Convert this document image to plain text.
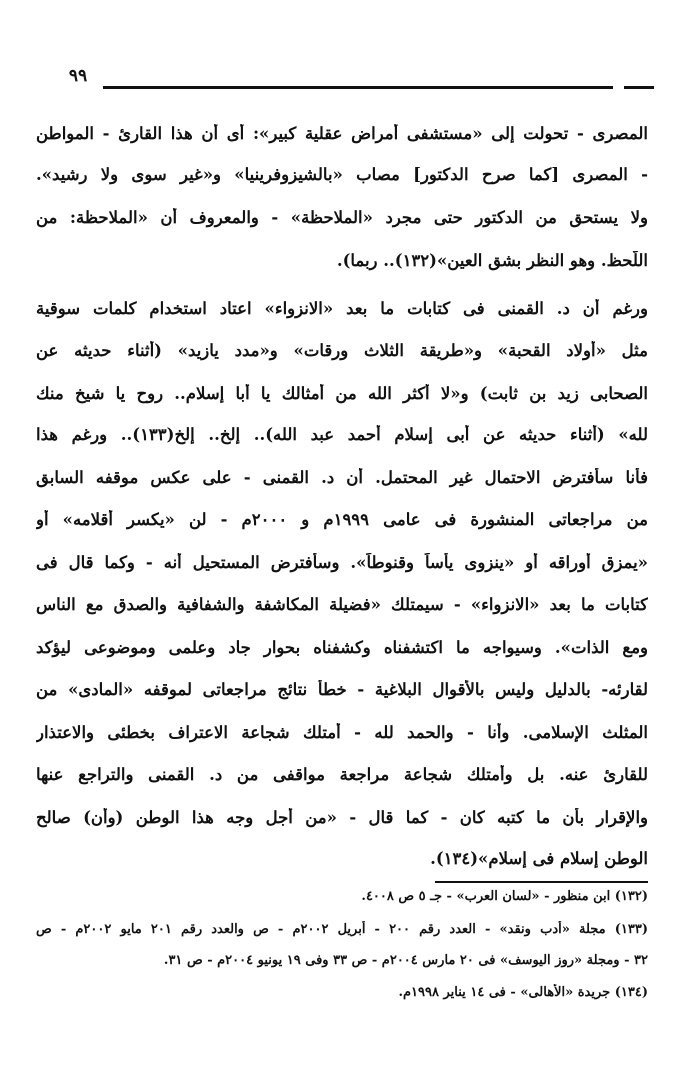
٩٩
المصرى - تحولت إلى «مستشفى أمراض عقلية كبير»: أى أن هذا القارئ - المواطن
- المصرى [كما صرح الدكتور] مصاب «بالشيزوفرينيا» و«غير سوى ولا رشيد».
ولا يستحق من الدكتور حتى مجرد «الملاحظة» - والمعروف أن «الملاحظة: من
اللّحظ. وهو النظر بشق العين»(١٣٢).. ربما).
ورغم أن د. القمنى فى كتابات ما بعد «الانزواء» اعتاد استخدام كلمات سوقية
مثل «أولاد القحبة» و«طريقة الثلاث ورقات» و«مدد يازيد» (أثناء حديثه عن
الصحابى زيد بن ثابت) و«لا أكثر الله من أمثالك يا أبا إسلام.. روح يا شيخ منك
لله» (أثناء حديثه عن أبى إسلام أحمد عبد الله).. إلخ.. إلخ(١٣٣).. ورغم هذا
فأنا سأفترض الاحتمال غير المحتمل. أن د. القمنى - على عكس موقفه السابق
من مراجعاتى المنشورة فى عامى ١٩٩٩م و ٢٠٠٠م - لن «يكسر أقلامه» أو
«يمزق أوراقه أو «ينزوى يأساً وقنوطاً». وسأفترض المستحيل أنه - وكما قال فى
كتابات ما بعد «الانزواء» - سيمتلك «فضيلة المكاشفة والشفافية والصدق مع الناس
ومع الذات». وسيواجه ما اكتشفناه وكشفناه بحوار جاد وعلمى وموضوعى ليؤكد
لقارئه- بالدليل وليس بالأقوال البلاغية - خطأ نتائج مراجعاتى لموقفه «المادى» من
المثلث الإسلامى. وأنا - والحمد لله - أمتلك شجاعة الاعتراف بخطئى والاعتذار
للقارئ عنه. بل وأمتلك شجاعة مراجعة مواقفى من د. القمنى والتراجع عنها
والإقرار بأن ما كتبه كان - كما قال - «من أجل وجه هذا الوطن (وأن) صالح
الوطن إسلام فى إسلام»(١٣٤).
(١٣٢) ابن منظور - «لسان العرب» - جـ ٥ ص ٤٠٠٨.
(١٣٣) مجلة «أدب ونقد» - العدد رقم ٢٠٠ - أبريل ٢٠٠٢م - ص والعدد رقم ٢٠١ مايو ٢٠٠٢م - ص
٣٢ - ومجلة «روز اليوسف» فى ٢٠ مارس ٢٠٠٤م - ص ٣٣ وفى ١٩ يونيو ٢٠٠٤م - ص ٣١.
(١٣٤) جريدة «الأهالى» - فى ١٤ يناير ١٩٩٨م.
